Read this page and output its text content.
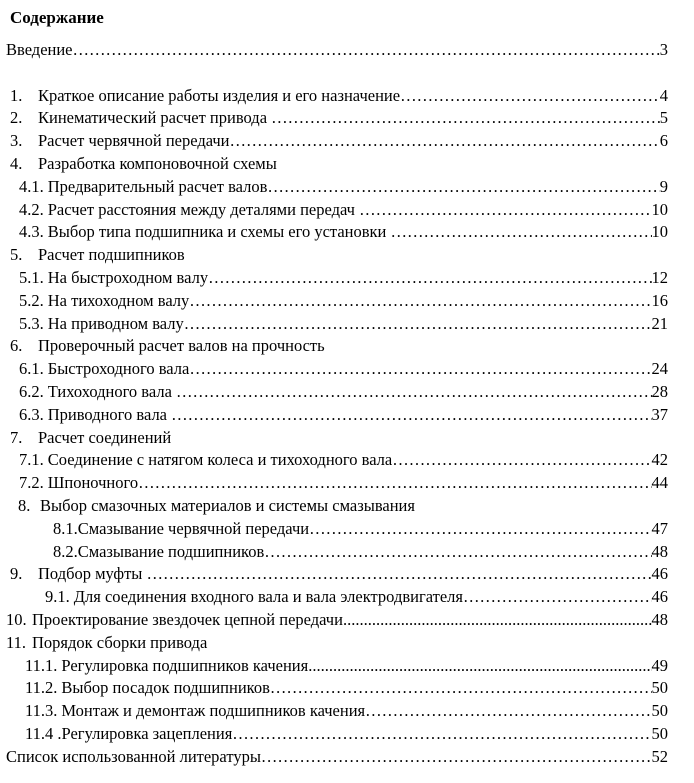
Содержание
Введение ……………………………………………………………………………………………………………………	3
1. Краткое описание работы изделия и его назначение ……………………………………………………………………………………………………………………	4
2. Кинематический расчет привода ……………………………………………………………………………………………………………………	5
3. Расчет червячной передачи ……………………………………………………………………………………………………………………	6
4. Разработка компоновочной схемы
4.1. Предварительный расчет валов ……………………………………………………………………………………………………………………	9
4.2. Расчет расстояния между деталями передач ……………………………………………………………………………………………………………………	10
4.3. Выбор типа подшипника и схемы его установки ……………………………………………………………………………………………………………………	10
5. Расчет подшипников
5.1. На быстроходном валу ……………………………………………………………………………………………………………………	12
5.2. На тихоходном валу ……………………………………………………………………………………………………………………	16
5.3. На приводном валу ……………………………………………………………………………………………………………………	21
6. Проверочный расчет валов на прочность
6.1. Быстроходного вала ……………………………………………………………………………………………………………………	24
6.2. Тихоходного вала ……………………………………………………………………………………………………………………	28
6.3. Приводного вала ……………………………………………………………………………………………………………………	37
7. Расчет соединений
7.1. Соединение с натягом колеса и тихоходного вала ……………………………………………………………………………………………………………………	42
7.2. Шпоночного ……………………………………………………………………………………………………………………	44
8. Выбор смазочных материалов и системы смазывания
8.1. Смазывание червячной передачи ……………………………………………………………………………………………………………………	47
8.2. Смазывание подшипников ……………………………………………………………………………………………………………………	48
9. Подбор муфты ……………………………………………………………………………………………………………………	46
9.1. Для соединения входного вала и вала электродвигателя ……………………………………………………………………………………………………………………	46
10. Проектирование звездочек цепной передачи .....	48
11. Порядок сборки привода
11.1. Регулировка подшипников качения .....	49
11.2. Выбор посадок подшипников ……………………………………………………………………………………………………………………	50
11.3. Монтаж и демонтаж подшипников качения ……………………………………………………………………………………………………………………	50
11.4 . Регулировка зацепления ……………………………………………………………………………………………………………………	50
Список использованной литературы ……………………………………………………………………………………………………………………	52
